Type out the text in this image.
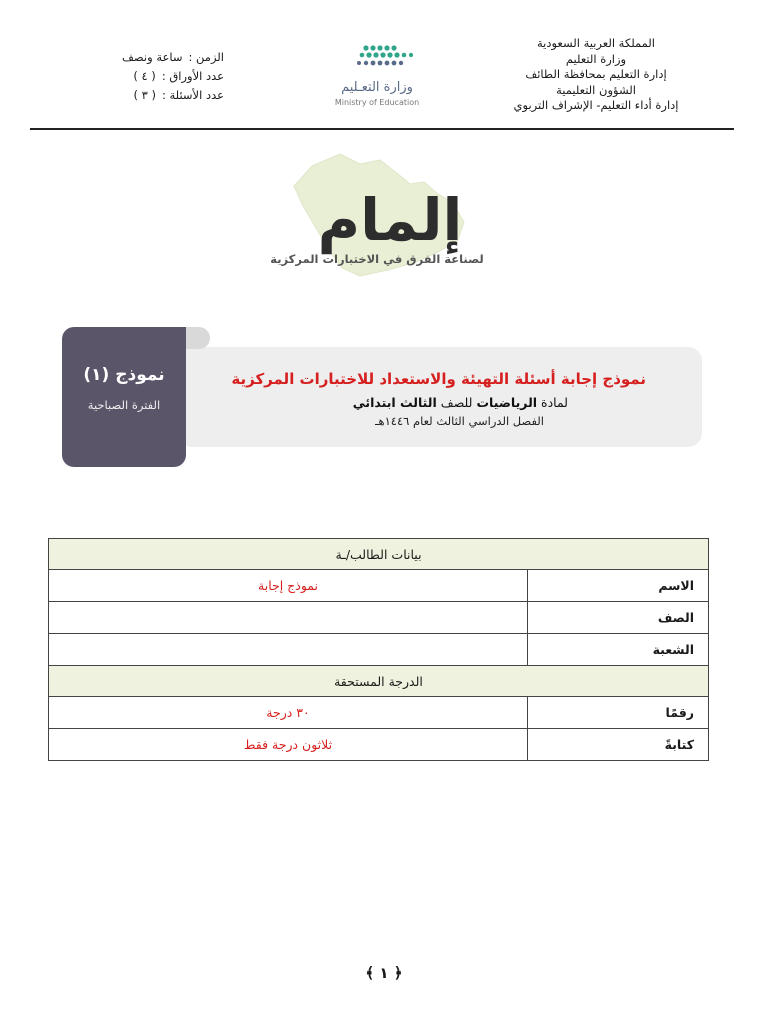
المملكة العربية السعودية
وزارة التعليم
إدارة التعليم بمحافظة الطائف
الشؤون التعليمية
إدارة أداء التعليم- الإشراف التربوي
الزمن :
ساعة ونصف
عدد الأوراق :
( ٤ )
عدد الأسئلة :
( ٣ )	وزارة التعـليم
Ministry of Education
إلمام
لصناعة الفرق في الاختبارات المركزية
نموذج (١)
الفترة الصباحية
نموذج إجابة أسئلة التهيئة والاستعداد للاختبارات المركزية
لمادة الرياضيات للصف الثالث ابتدائي
الفصل الدراسي الثالث لعام ١٤٤٦هـ
بيانات الطالب/ـة	
الاسم	نموذج إجابة
الصف	
الشعبة	
الدرجة المستحقة	
رقمًا	٣٠ درجة
كتابةً	ثلاثون درجة فقط
﴿ ١ ﴾
